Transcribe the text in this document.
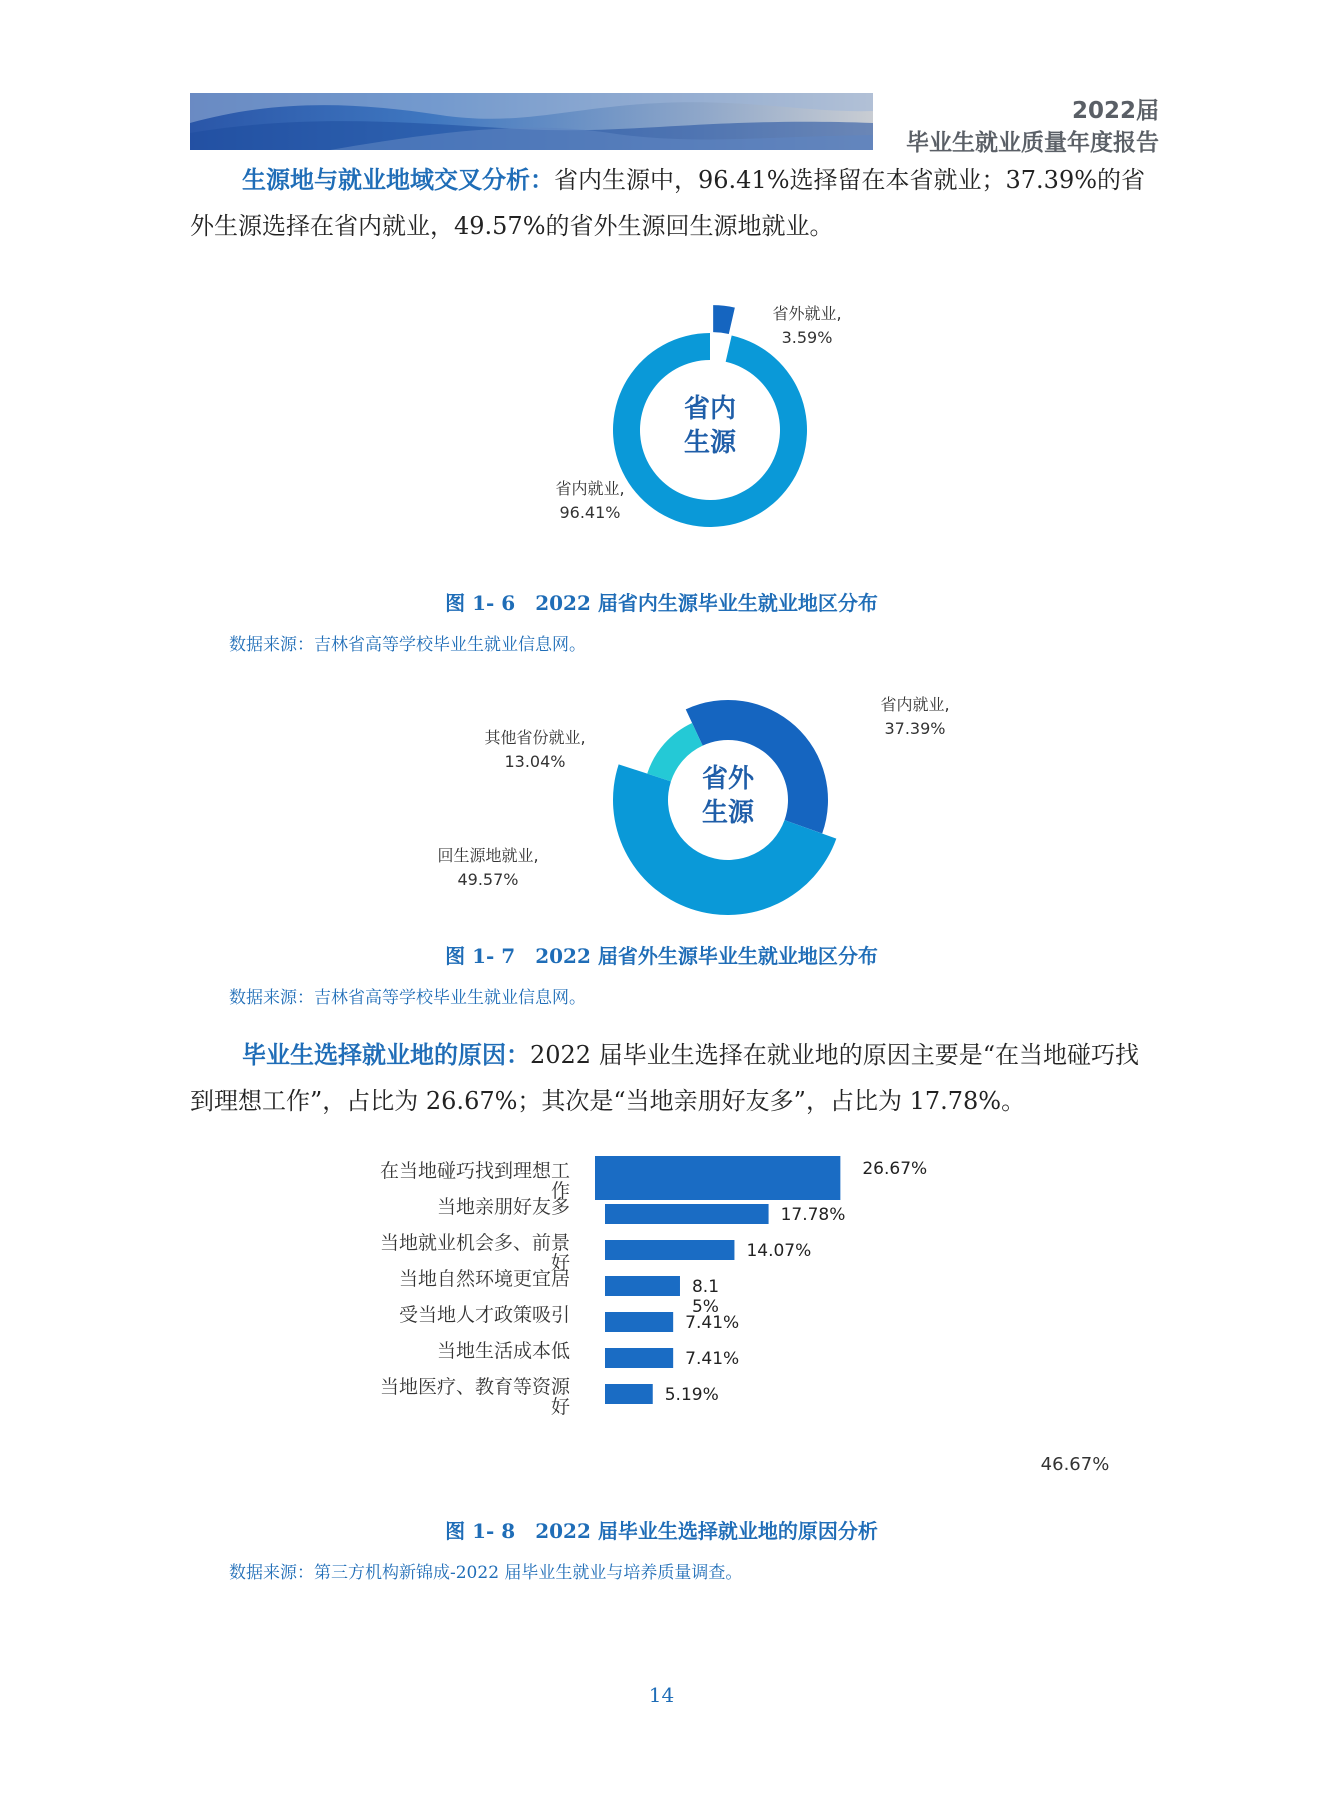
2022届
毕业生就业质量年度报告
生源地与就业地域交叉分析：省内生源中，96.41%选择留在本省就业；37.39%的省外生源选择在省内就业，49.57%的省外生源回生源地就业。
省内
生源
省外就业,
3.59%
省内就业,
96.41%
图 1- 6　2022 届省内生源毕业生就业地区分布
数据来源：吉林省高等学校毕业生就业信息网。
省外
生源
省内就业,
37.39%
其他省份就业,
13.04%
回生源地就业,
49.57%
图 1- 7　2022 届省外生源毕业生就业地区分布
数据来源：吉林省高等学校毕业生就业信息网。
毕业生选择就业地的原因：2022 届毕业生选择在就业地的原因主要是“在当地碰巧找到理想工作”，占比为 26.67%；其次是“当地亲朋好友多”，占比为 17.78%。
在当地碰巧找到理想工
作
26.67%
当地亲朋好友多	17.78%
当地就业机会多、前景
好
14.07%
当地自然环境更宜居	8.1
5%
受当地人才政策吸引	7.41%
当地生活成本低	7.41%
当地医疗、教育等资源
好
5.19%
46.67%
图 1- 8　2022 届毕业生选择就业地的原因分析
数据来源：第三方机构新锦成-2022 届毕业生就业与培养质量调查。
14
